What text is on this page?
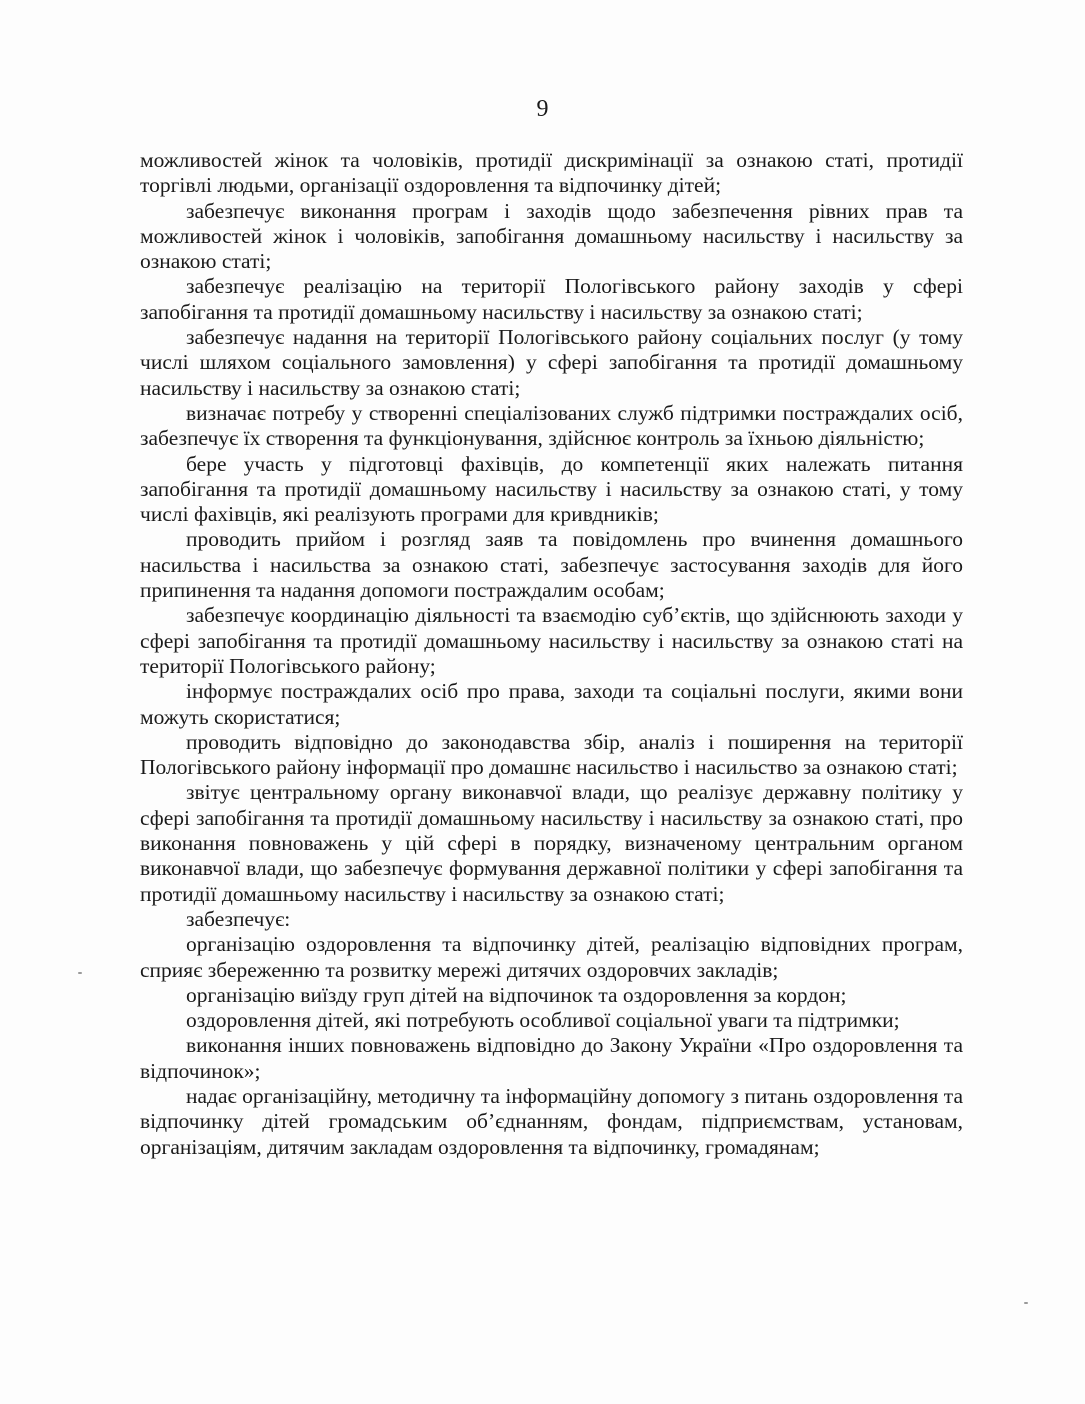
9

можливостей жінок та чоловіків, протидії дискримінації за ознакою статі, протидії торгівлі людьми, організації оздоровлення та відпочинку дітей;

забезпечує виконання програм і заходів щодо забезпечення рівних прав та можливостей жінок і чоловіків, запобігання домашньому насильству і насильству за ознакою статі;

забезпечує реалізацію на території Пологівського району заходів у сфері запобігання та протидії домашньому насильству і насильству за ознакою статі;

забезпечує надання на території Пологівського району соціальних послуг (у тому числі шляхом соціального замовлення) у сфері запобігання та протидії домашньому насильству і насильству за ознакою статі;

визначає потребу у створенні спеціалізованих служб підтримки постраждалих осіб, забезпечує їх створення та функціонування, здійснює контроль за їхньою діяльністю;

бере участь у підготовці фахівців, до компетенції яких належать питання запобігання та протидії домашньому насильству і насильству за ознакою статі, у тому числі фахівців, які реалізують програми для кривдників;

проводить прийом і розгляд заяв та повідомлень про вчинення домашнього насильства і насильства за ознакою статі, забезпечує застосування заходів для його припинення та надання допомоги постраждалим особам;

забезпечує координацію діяльності та взаємодію суб’єктів, що здійснюють заходи у сфері запобігання та протидії домашньому насильству і насильству за ознакою статі на території Пологівського району;

інформує постраждалих осіб про права, заходи та соціальні послуги, якими вони можуть скористатися;

проводить відповідно до законодавства збір, аналіз і поширення на території Пологівського району інформації про домашнє насильство і насильство за ознакою статі;

звітує центральному органу виконавчої влади, що реалізує державну політику у сфері запобігання та протидії домашньому насильству і насильству за ознакою статі, про виконання повноважень у цій сфері в порядку, визначеному центральним органом виконавчої влади, що забезпечує формування державної політики у сфері запобігання та протидії домашньому насильству і насильству за ознакою статі;

забезпечує:

організацію оздоровлення та відпочинку дітей, реалізацію відповідних програм, сприяє збереженню та розвитку мережі дитячих оздоровчих закладів;

організацію виїзду груп дітей на відпочинок та оздоровлення за кордон;

оздоровлення дітей, які потребують особливої соціальної уваги та підтримки;

виконання інших повноважень відповідно до Закону України «Про оздоровлення та відпочинок»;

надає організаційну, методичну та інформаційну допомогу з питань оздоровлення та відпочинку дітей громадським об’єднанням, фондам, підприємствам, установам, організаціям, дитячим закладам оздоровлення та відпочинку, громадянам;
